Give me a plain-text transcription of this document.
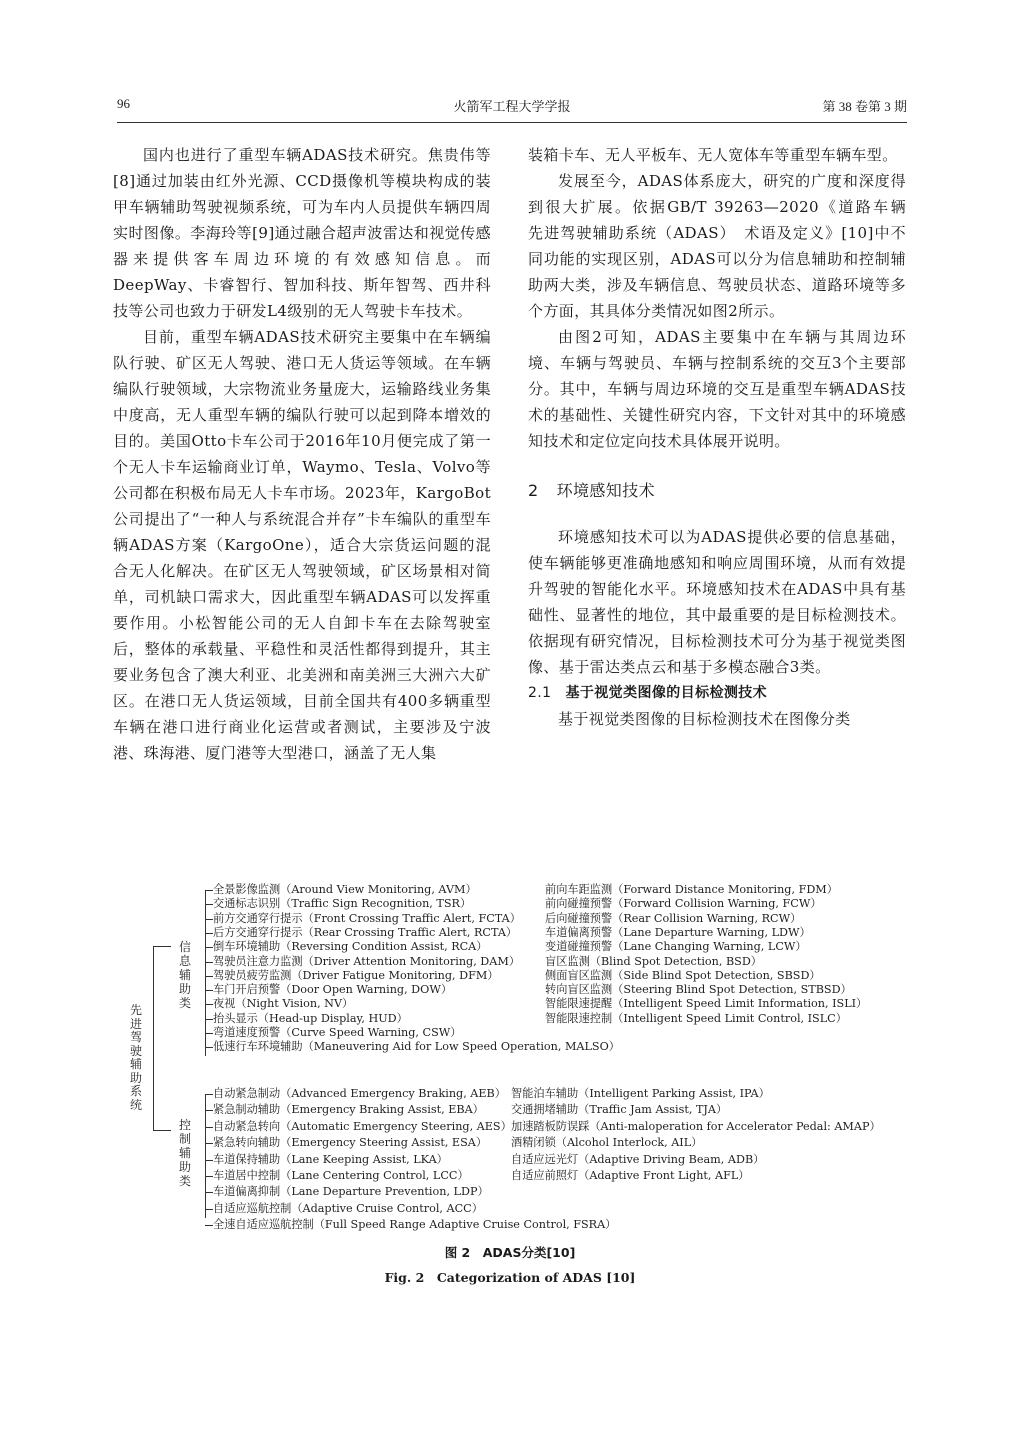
96	火箭军工程大学学报	第 38 卷第 3 期

国内也进行了重型车辆ADAS技术研究。焦贵伟等[8]通过加装由红外光源、CCD摄像机等模块构成的装甲车辆辅助驾驶视频系统，可为车内人员提供车辆四周实时图像。李海玲等[9]通过融合超声波雷达和视觉传感器来提供客车周边环境的有效感知信息。而DeepWay、卡睿智行、智加科技、斯年智驾、西井科技等公司也致力于研发L4级别的无人驾驶卡车技术。

目前，重型车辆ADAS技术研究主要集中在车辆编队行驶、矿区无人驾驶、港口无人货运等领域。在车辆编队行驶领域，大宗物流业务量庞大，运输路线业务集中度高，无人重型车辆的编队行驶可以起到降本增效的目的。美国Otto卡车公司于2016年10月便完成了第一个无人卡车运输商业订单，Waymo、Tesla、Volvo等公司都在积极布局无人卡车市场。2023年，KargoBot公司提出了“一种人与系统混合并存”卡车编队的重型车辆ADAS方案（KargoOne），适合大宗货运问题的混合无人化解决。在矿区无人驾驶领域，矿区场景相对简单，司机缺口需求大，因此重型车辆ADAS可以发挥重要作用。小松智能公司的无人自卸卡车在去除驾驶室后，整体的承载量、平稳性和灵活性都得到提升，其主要业务包含了澳大利亚、北美洲和南美洲三大洲六大矿区。在港口无人货运领域，目前全国共有400多辆重型车辆在港口进行商业化运营或者测试，主要涉及宁波港、珠海港、厦门港等大型港口，涵盖了无人集

装箱卡车、无人平板车、无人宽体车等重型车辆车型。

发展至今，ADAS体系庞大，研究的广度和深度得到很大扩展。依据GB/T 39263—2020《道路车辆　先进驾驶辅助系统（ADAS）　术语及定义》[10]中不同功能的实现区别，ADAS可以分为信息辅助和控制辅助两大类，涉及车辆信息、驾驶员状态、道路环境等多个方面，其具体分类情况如图2所示。

由图2可知，ADAS主要集中在车辆与其周边环境、车辆与驾驶员、车辆与控制系统的交互3个主要部分。其中，车辆与周边环境的交互是重型车辆ADAS技术的基础性、关键性研究内容，下文针对其中的环境感知技术和定位定向技术具体展开说明。

2 环境感知技术

环境感知技术可以为ADAS提供必要的信息基础，使车辆能够更准确地感知和响应周围环境，从而有效提升驾驶的智能化水平。环境感知技术在ADAS中具有基础性、显著性的地位，其中最重要的是目标检测技术。依据现有研究情况，目标检测技术可分为基于视觉类图像、基于雷达类点云和基于多模态融合3类。

2.1 基于视觉类图像的目标检测技术

基于视觉类图像的目标检测技术在图像分类

先进驾驶辅助系统
信息辅助类
控制辅助类
全景影像监测（Around View Monitoring, AVM）
交通标志识别（Traffic Sign Recognition, TSR）
前方交通穿行提示（Front Crossing Traffic Alert, FCTA）
后方交通穿行提示（Rear Crossing Traffic Alert, RCTA）
倒车环境辅助（Reversing Condition Assist, RCA）
驾驶员注意力监测（Driver Attention Monitoring, DAM）
驾驶员疲劳监测（Driver Fatigue Monitoring, DFM）
车门开启预警（Door Open Warning, DOW）
夜视（Night Vision, NV）
抬头显示（Head-up Display, HUD）
弯道速度预警（Curve Speed Warning, CSW）
低速行车环境辅助（Maneuvering Aid for Low Speed Operation, MALSO）
前向车距监测（Forward Distance Monitoring, FDM）
前向碰撞预警（Forward Collision Warning, FCW）
后向碰撞预警（Rear Collision Warning, RCW）
车道偏离预警（Lane Departure Warning, LDW）
变道碰撞预警（Lane Changing Warning, LCW）
盲区监测（Blind Spot Detection, BSD）
侧面盲区监测（Side Blind Spot Detection, SBSD）
转向盲区监测（Steering Blind Spot Detection, STBSD）
智能限速提醒（Intelligent Speed Limit Information, ISLI）
智能限速控制（Intelligent Speed Limit Control, ISLC）
自动紧急制动（Advanced Emergency Braking, AEB）
紧急制动辅助（Emergency Braking Assist, EBA）
自动紧急转向（Automatic Emergency Steering, AES）
紧急转向辅助（Emergency Steering Assist, ESA）
车道保持辅助（Lane Keeping Assist, LKA）
车道居中控制（Lane Centering Control, LCC）
车道偏离抑制（Lane Departure Prevention, LDP）
自适应巡航控制（Adaptive Cruise Control, ACC）
全速自适应巡航控制（Full Speed Range Adaptive Cruise Control, FSRA）
智能泊车辅助（Intelligent Parking Assist, IPA）
交通拥堵辅助（Traffic Jam Assist, TJA）
加速踏板防误踩（Anti-maloperation for Accelerator Pedal: AMAP）
酒精闭锁（Alcohol Interlock, AIL）
自适应远光灯（Adaptive Driving Beam, ADB）
自适应前照灯（Adaptive Front Light, AFL）
图 2　ADAS分类[10]
Fig. 2　Categorization of ADAS [10]
